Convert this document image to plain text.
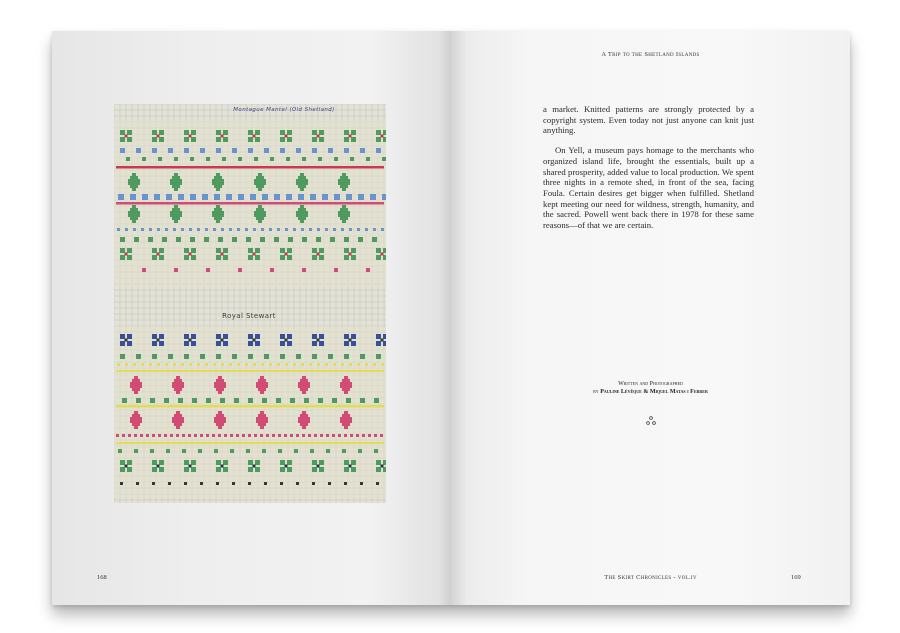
Montague Mantel (Old Shetland)
Royal Stewart
168
A Trip to the Shetland Islands

a market. Knitted patterns are strongly protected by a copyright system. Even today not just anyone can knit just anything.

On Yell, a museum pays homage to the merchants who organized island life, brought the essentials, built up a shared prosperity, added value to local production. We spent three nights in a remote shed, in front of the sea, facing Foula. Certain desires get bigger when fulfilled. Shetland kept meeting our need for wildness, strength, humanity, and the sacred. Powell went back there in 1978 for these same reasons—of that we are certain.

Written and Photographed
by Pauline Lévêque & Miquel Matas i Ferrer
The Skirt Chronicles - vol.iv	169
